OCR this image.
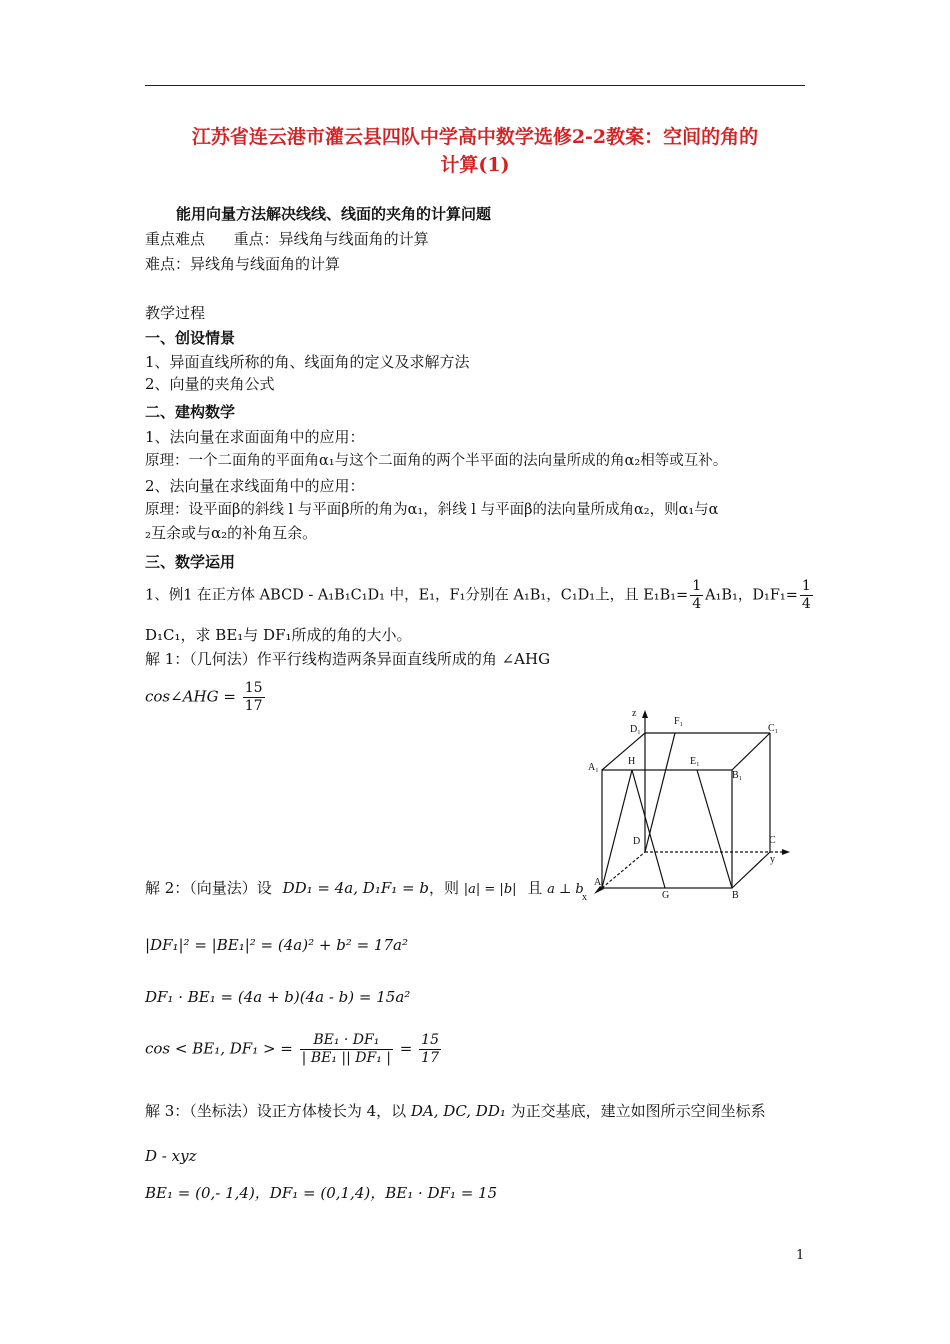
江苏省连云港市灌云县四队中学高中数学选修2-2教案：空间的角的
计算(1)
能用向量方法解决线线、线面的夹角的计算问题
重点难点      重点：异线角与线面角的计算
难点：异线角与线面角的计算
教学过程
一、创设情景
1、异面直线所称的角、线面角的定义及求解方法
2、向量的夹角公式
二、建构数学
1、法向量在求面面角中的应用：
原理：一个二面角的平面角α₁与这个二面角的两个半平面的法向量所成的角α₂相等或互补。
2、法向量在求线面角中的应用：
原理：设平面β的斜线 l 与平面β所的角为α₁，斜线 l 与平面β的法向量所成角α₂，则α₁与α
₂互余或与α₂的补角互余。
三、数学运用
1、例1 在正方体 ABCD - A₁B₁C₁D₁ 中，E₁，F₁分别在 A₁B₁，C₁D₁上，且 $E_1B_1= \frac{1}{4} A_1B_1$，$D_1F_1= \frac{1}{4}$
D₁C₁，求 BE₁与 DF₁所成的角的大小。
解 1：（几何法）作平行线构造两条异面直线所成的角 ∠AHG
cos∠AHG = $\frac{15}{17}$	z
D₁
F₁
C₁
A₁
H	E₁
B₁
D	C
y
A
G	B
x
解 2：（向量法）设 DD₁ = 4a, D₁F₁ = b，则 |a| = |b| 且 a ⊥ b
|DF₁|² = |BE₁|² = (4a)² + b² = 17a²
DF₁ · BE₁ = (4a + b)(4a - b) = 15a²
cos < BE₁, DF₁ > = $\frac{\text{BE₁ · DF₁}}{\text{| BE₁ || DF₁ |}} = \frac{15}{17}$
解 3：（坐标法）设正方体棱长为 4，以 DA, DC, DD₁ 为正交基底，建立如图所示空间坐标系
D - xyz
BE₁ = (0,- 1,4)，DF₁ = (0,1,4)，BE₁ · DF₁ = 15
1
